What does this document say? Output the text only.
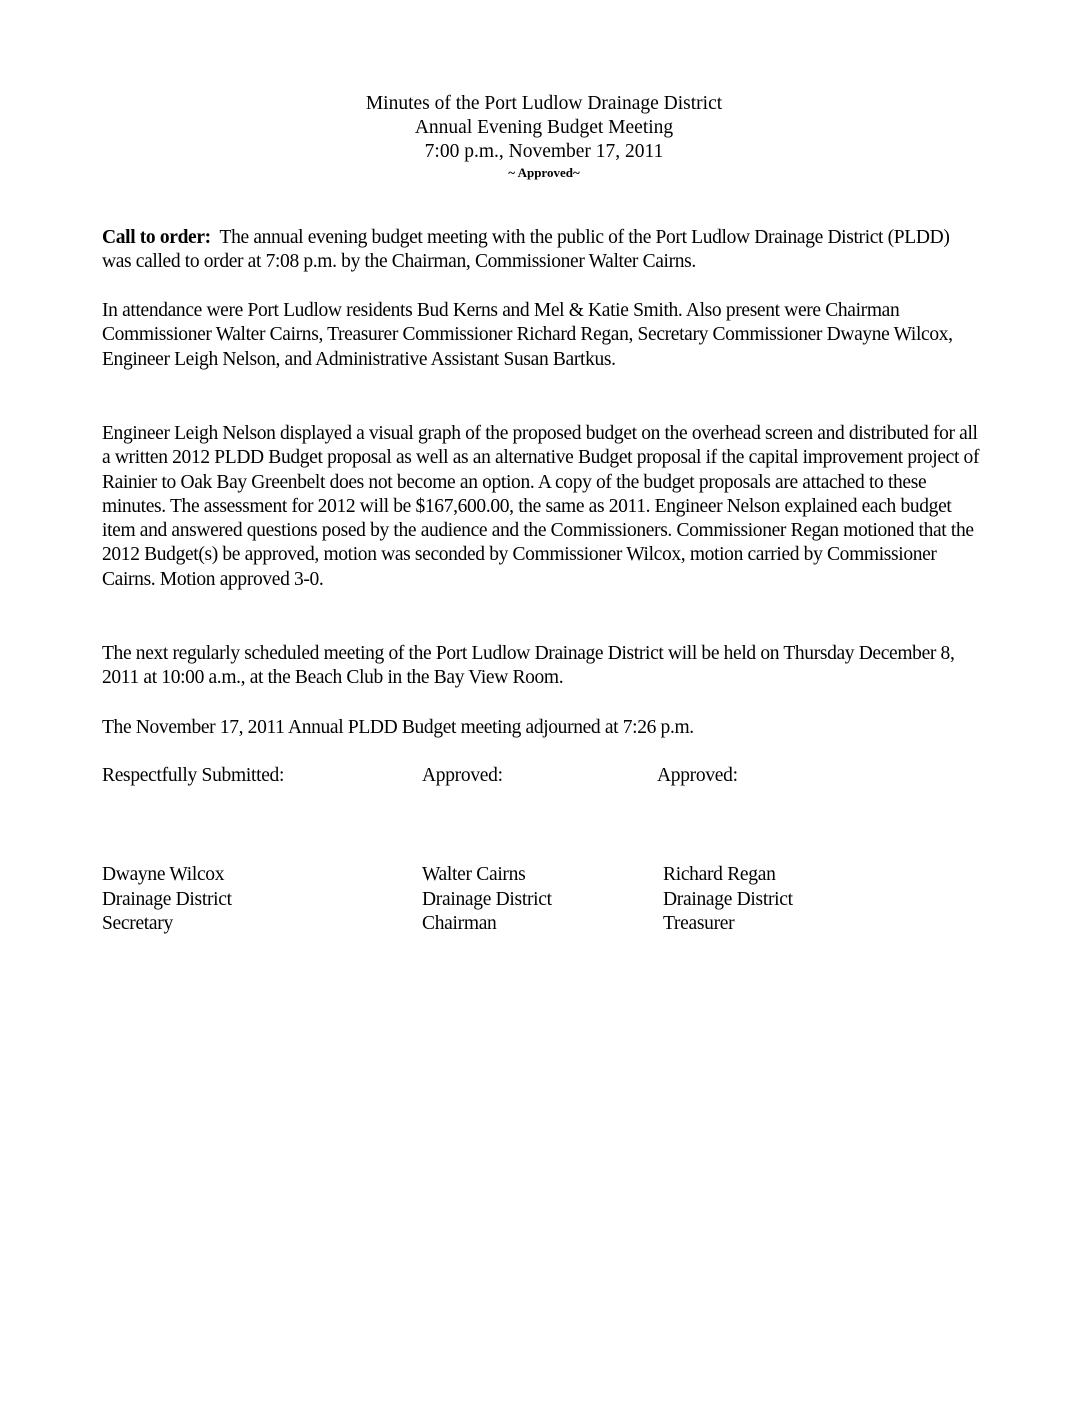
Minutes of the Port Ludlow Drainage District
Annual Evening Budget Meeting
7:00 p.m., November 17, 2011
~ Approved~
Call to order: The annual evening budget meeting with the public of the Port Ludlow Drainage District (PLDD) was called to order at 7:08 p.m. by the Chairman, Commissioner Walter Cairns.
In attendance were Port Ludlow residents Bud Kerns and Mel & Katie Smith. Also present were Chairman Commissioner Walter Cairns, Treasurer Commissioner Richard Regan, Secretary Commissioner Dwayne Wilcox, Engineer Leigh Nelson, and Administrative Assistant Susan Bartkus.
Engineer Leigh Nelson displayed a visual graph of the proposed budget on the overhead screen and distributed for all a written 2012 PLDD Budget proposal as well as an alternative Budget proposal if the capital improvement project of Rainier to Oak Bay Greenbelt does not become an option. A copy of the budget proposals are attached to these minutes. The assessment for 2012 will be $167,600.00, the same as 2011. Engineer Nelson explained each budget item and answered questions posed by the audience and the Commissioners. Commissioner Regan motioned that the 2012 Budget(s) be approved, motion was seconded by Commissioner Wilcox, motion carried by Commissioner Cairns. Motion approved 3-0.
The next regularly scheduled meeting of the Port Ludlow Drainage District will be held on Thursday December 8, 2011 at 10:00 a.m., at the Beach Club in the Bay View Room.
The November 17, 2011 Annual PLDD Budget meeting adjourned at 7:26 p.m.
Respectfully Submitted:	Approved:	Approved:
Dwayne Wilcox
Drainage District
Secretary
Walter Cairns
Drainage District
Chairman
Richard Regan
Drainage District
Treasurer
